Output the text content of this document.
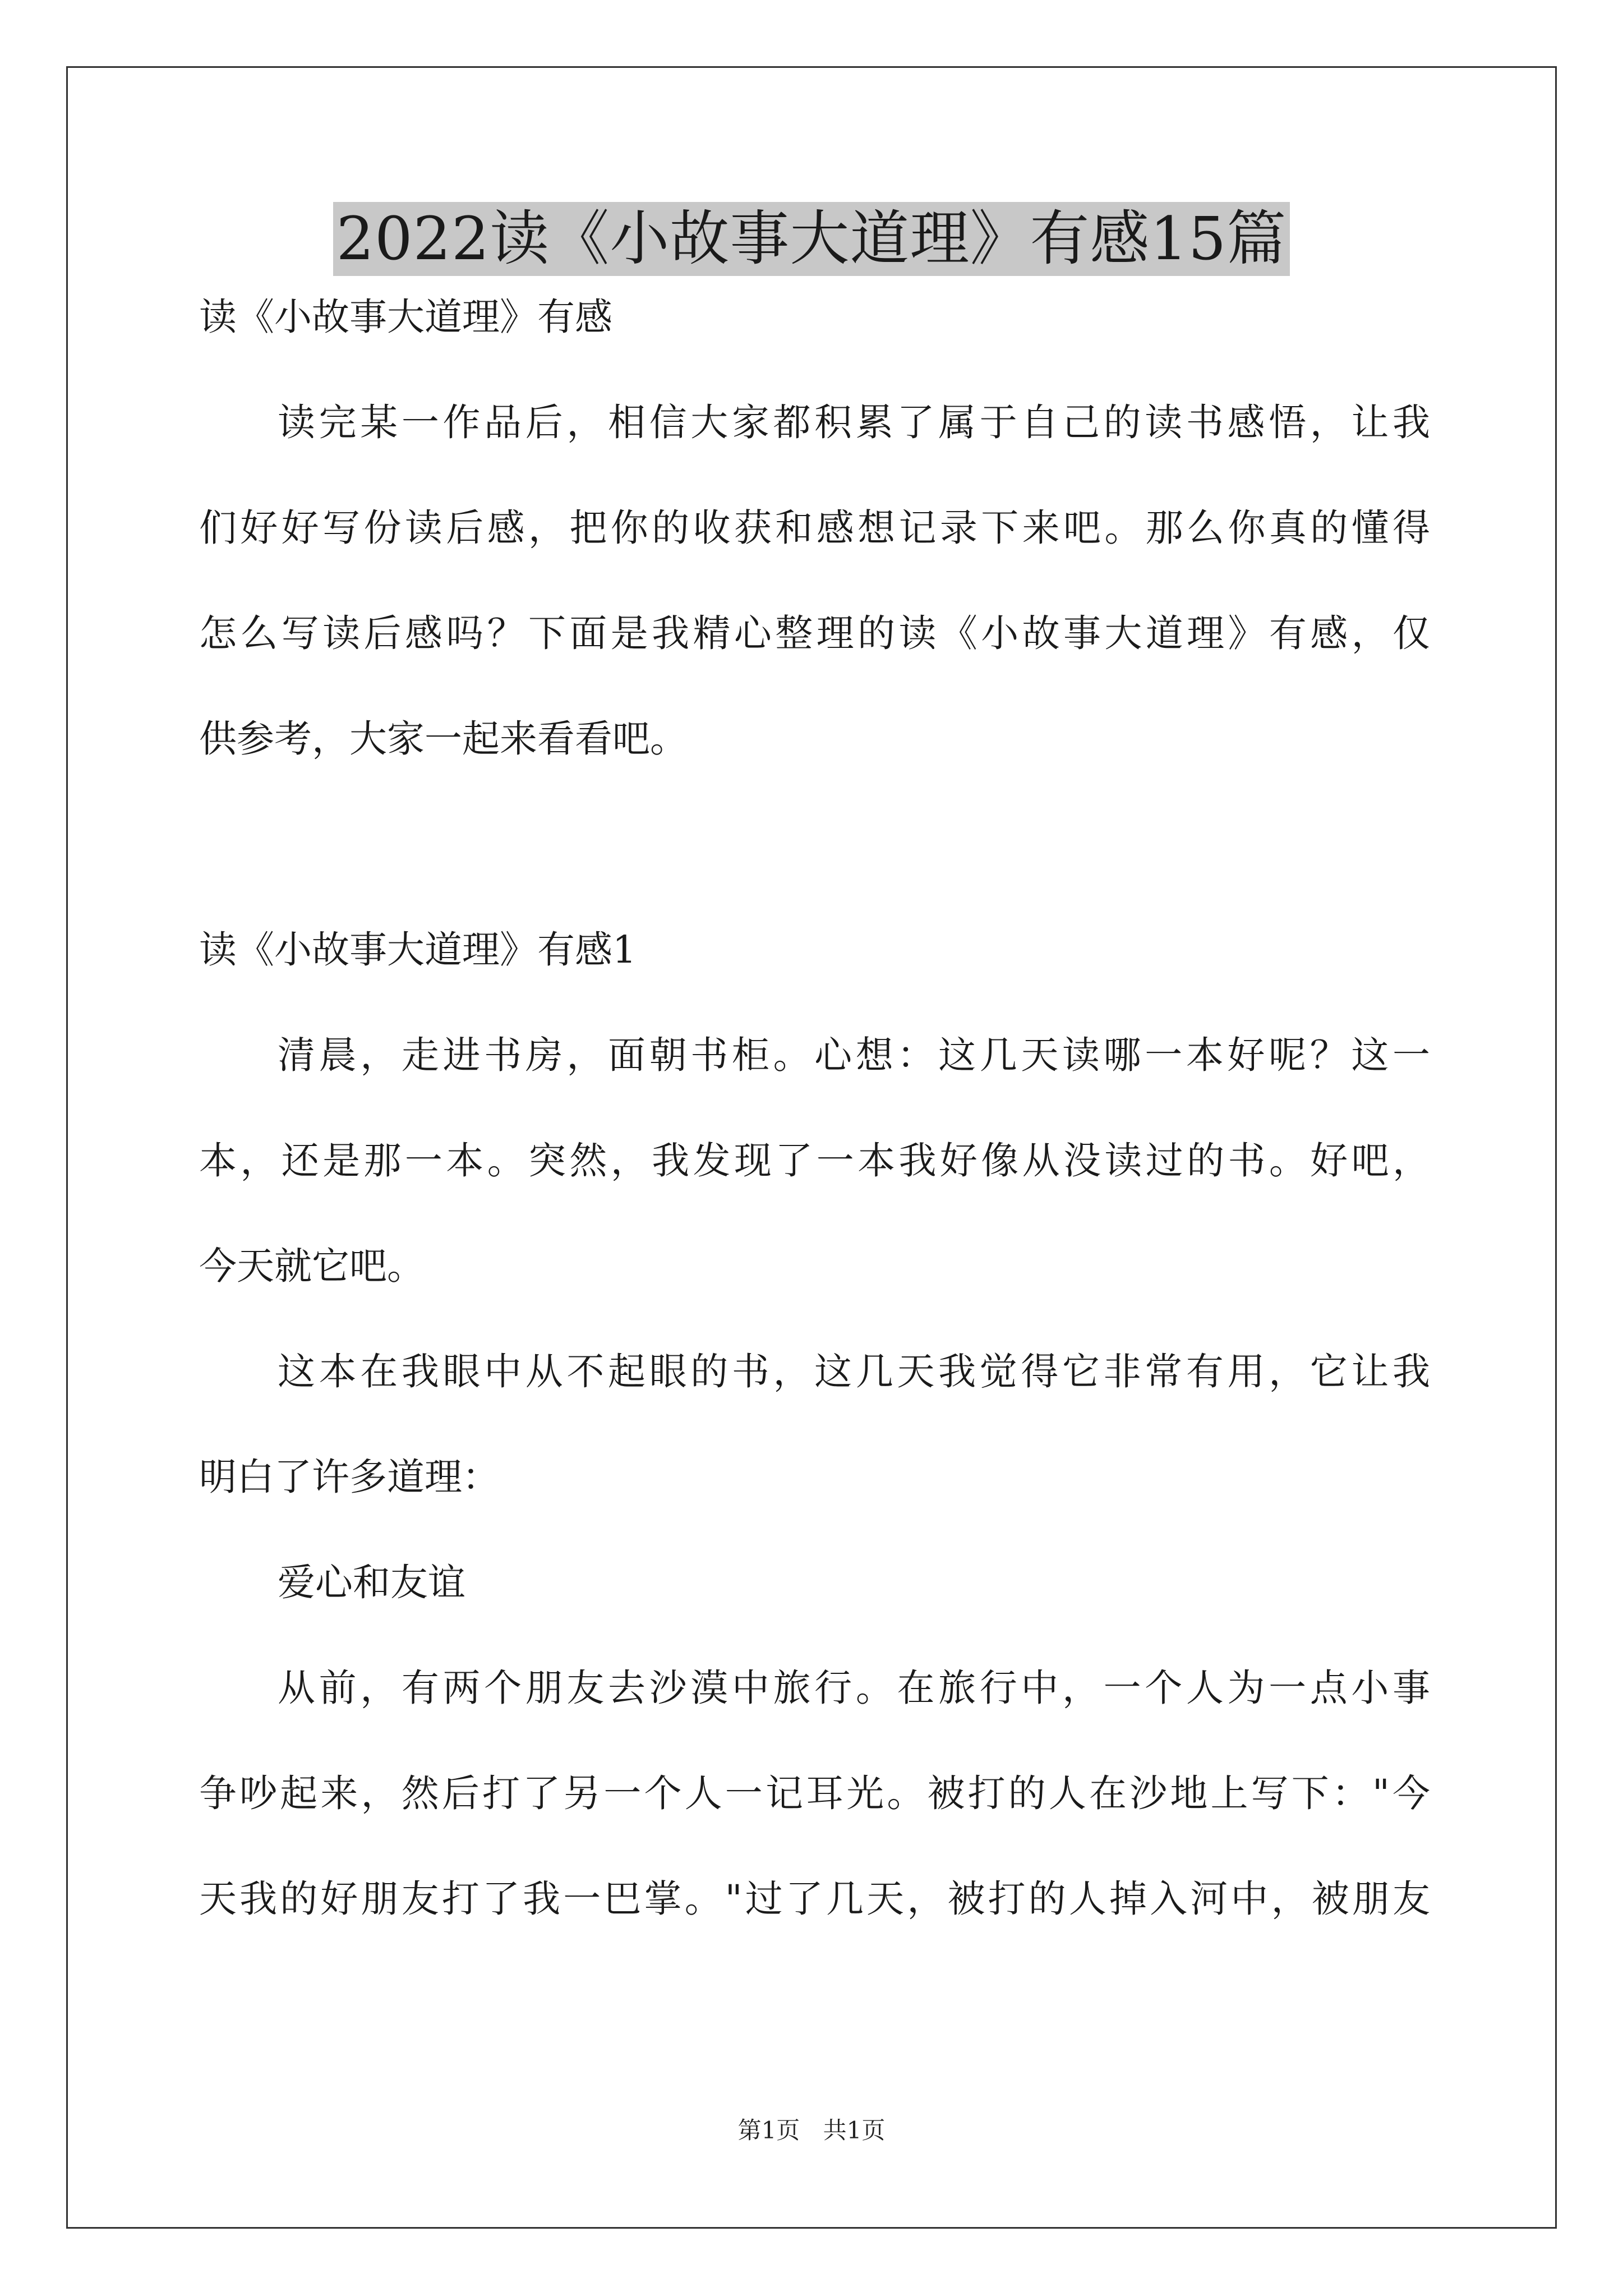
2022读《小故事大道理》有感15篇
读《小故事大道理》有感
读完某一作品后，相信大家都积累了属于自己的读书感悟，让我
们好好写份读后感，把你的收获和感想记录下来吧。那么你真的懂得
怎么写读后感吗？下面是我精心整理的读《小故事大道理》有感，仅
供参考，大家一起来看看吧。
读《小故事大道理》有感1
清晨，走进书房，面朝书柜。心想：这几天读哪一本好呢？这一
本，还是那一本。突然，我发现了一本我好像从没读过的书。好吧，
今天就它吧。
这本在我眼中从不起眼的书，这几天我觉得它非常有用，它让我
明白了许多道理：
爱心和友谊
从前，有两个朋友去沙漠中旅行。在旅行中，一个人为一点小事
争吵起来，然后打了另一个人一记耳光。被打的人在沙地上写下："今
天我的好朋友打了我一巴掌。"过了几天，被打的人掉入河中，被朋友
第1页 共1页
